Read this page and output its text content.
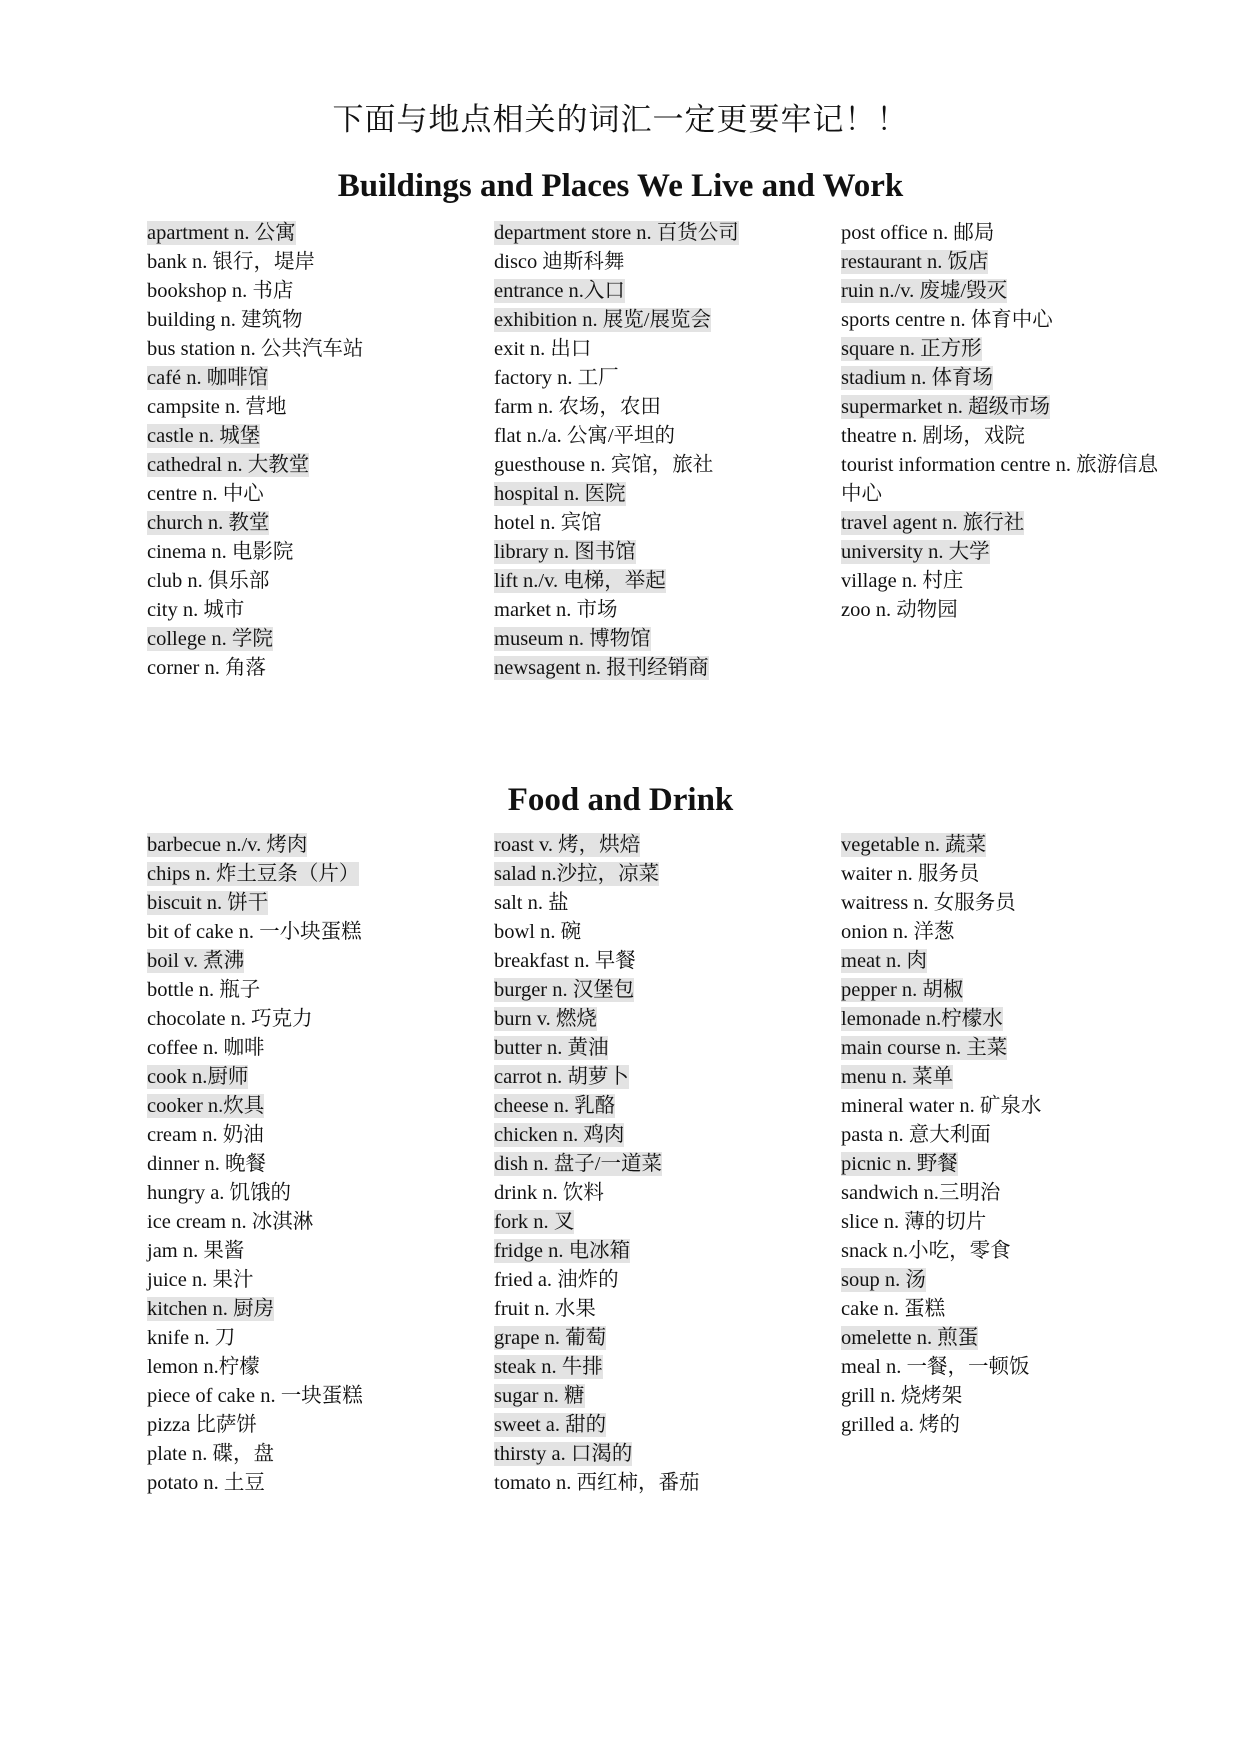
下面与地点相关的词汇一定更要牢记！！
Buildings and Places We Live and Work
apartment n. 公寓
bank n. 银行，堤岸
bookshop n. 书店
building n. 建筑物
bus station n. 公共汽车站
café n. 咖啡馆
campsite n. 营地
castle n. 城堡
cathedral n. 大教堂
centre n. 中心
church n. 教堂
cinema n. 电影院
club n. 俱乐部
city n. 城市
college n. 学院
corner n. 角落
department store n. 百货公司
disco 迪斯科舞
entrance n.入口
exhibition n. 展览/展览会
exit n. 出口
factory n. 工厂
farm n. 农场，农田
flat n./a. 公寓/平坦的
guesthouse n. 宾馆，旅社
hospital n. 医院
hotel n. 宾馆
library n. 图书馆
lift n./v. 电梯，举起
market n. 市场
museum n. 博物馆
newsagent n. 报刊经销商
post office n. 邮局
restaurant n. 饭店
ruin n./v. 废墟/毁灭
sports centre n. 体育中心
square n. 正方形
stadium n. 体育场
supermarket n. 超级市场
theatre n. 剧场，戏院
tourist information centre n. 旅游信息中心
travel agent n. 旅行社
university n. 大学
village n. 村庄
zoo n. 动物园
Food and Drink
barbecue n./v. 烤肉
chips n. 炸土豆条（片）
biscuit n. 饼干
bit of cake n. 一小块蛋糕
boil v. 煮沸
bottle n. 瓶子
chocolate n. 巧克力
coffee n. 咖啡
cook n.厨师
cooker n.炊具
cream n. 奶油
dinner n. 晚餐
hungry a. 饥饿的
ice cream n. 冰淇淋
jam n. 果酱
juice n. 果汁
kitchen n. 厨房
knife n. 刀
lemon n.柠檬
piece of cake n. 一块蛋糕
pizza 比萨饼
plate n. 碟，盘
potato n. 土豆
roast v. 烤，烘焙
salad n.沙拉，凉菜
salt n. 盐
bowl n. 碗
breakfast n. 早餐
burger n. 汉堡包
burn v. 燃烧
butter n. 黄油
carrot n. 胡萝卜
cheese n. 乳酪
chicken n. 鸡肉
dish n. 盘子/一道菜
drink n. 饮料
fork n. 叉
fridge n. 电冰箱
fried a. 油炸的
fruit n. 水果
grape n. 葡萄
steak n. 牛排
sugar n. 糖
sweet a. 甜的
thirsty a. 口渴的
tomato n. 西红柿，番茄
vegetable n. 蔬菜
waiter n. 服务员
waitress n. 女服务员
onion n. 洋葱
meat n. 肉
pepper n. 胡椒
lemonade n.柠檬水
main course n. 主菜
menu n. 菜单
mineral water n. 矿泉水
pasta n. 意大利面
picnic n. 野餐
sandwich n.三明治
slice n. 薄的切片
snack n.小吃，零食
soup n. 汤
cake n. 蛋糕
omelette n. 煎蛋
meal n. 一餐，一顿饭
grill n. 烧烤架
grilled a. 烤的
